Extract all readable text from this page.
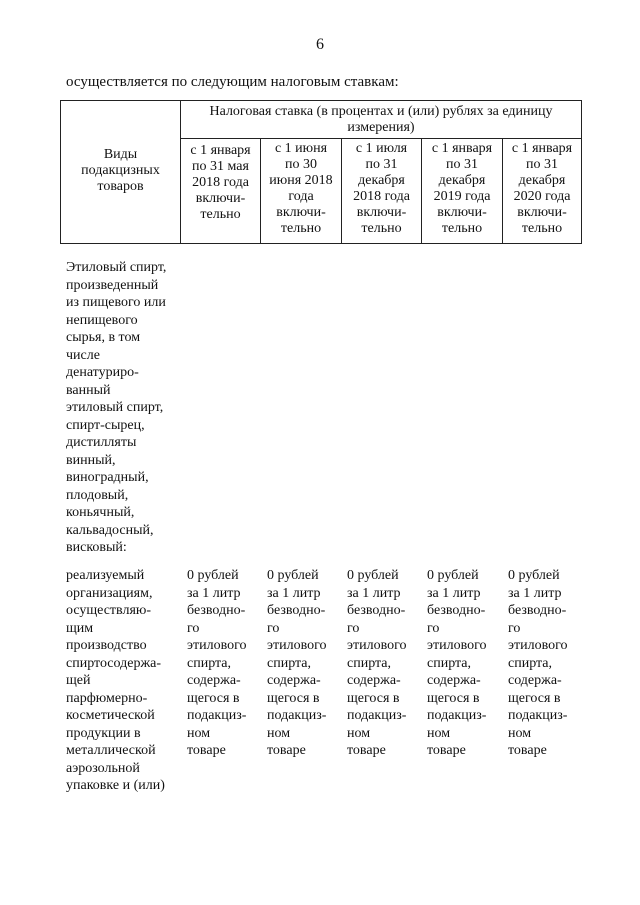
6
осуществляется по следующим налоговым ставкам:
Виды
подакцизных
товаров
Налоговая ставка (в процентах и (или) рублях за единицу
измерения)
с 1 января
по 31 мая
2018 года
включи-
тельно
с 1 июня
по 30
июня 2018
года
включи-
тельно
с 1 июля
по 31
декабря
2018 года
включи-
тельно
с 1 января
по 31
декабря
2019 года
включи-
тельно
с 1 января
по 31
декабря
2020 года
включи-
тельно
Этиловый спирт,
произведенный
из пищевого или
непищевого
сырья, в том
числе
денатуриро-
ванный
этиловый спирт,
спирт-сырец,
дистилляты
винный,
виноградный,
плодовый,
коньячный,
кальвадосный,
висковый:
реализуемый
организациям,
осуществляю-
щим
производство
спиртосодержа-
щей
парфюмерно-
косметической
продукции в
металлической
аэрозольной
упаковке и (или)
0 рублей
за 1 литр
безводно-
го
этилового
спирта,
содержа-
щегося в
подакциз-
ном
товаре
0 рублей
за 1 литр
безводно-
го
этилового
спирта,
содержа-
щегося в
подакциз-
ном
товаре
0 рублей
за 1 литр
безводно-
го
этилового
спирта,
содержа-
щегося в
подакциз-
ном
товаре
0 рублей
за 1 литр
безводно-
го
этилового
спирта,
содержа-
щегося в
подакциз-
ном
товаре
0 рублей
за 1 литр
безводно-
го
этилового
спирта,
содержа-
щегося в
подакциз-
ном
товаре
